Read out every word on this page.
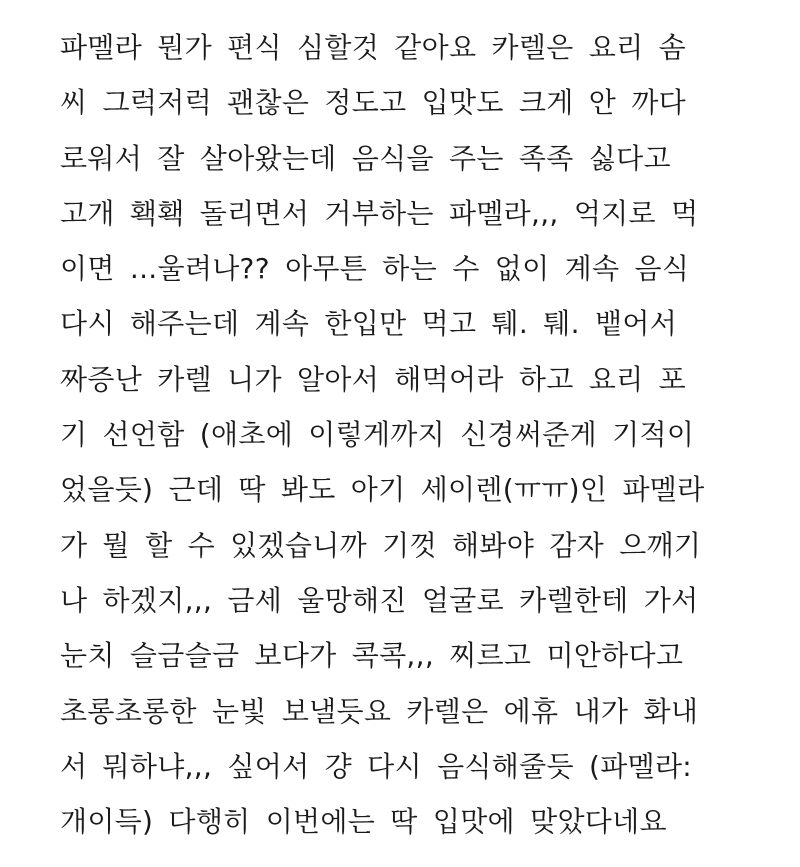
파멜라 뭔가 편식 심할것 같아요 카렐은 요리 솜
씨 그럭저럭 괜찮은 정도고 입맛도 크게 안 까다
로워서 잘 살아왔는데 음식을 주는 족족 싫다고
고개 홱홱 돌리면서 거부하는 파멜라,,, 억지로 먹
이면 ...울려나?? 아무튼 하는 수 없이 계속 음식
다시 해주는데 계속 한입만 먹고 퉤. 퉤. 뱉어서
짜증난 카렐 니가 알아서 해먹어라 하고 요리 포
기 선언함 (애초에 이렇게까지 신경써준게 기적이
었을듯) 근데 딱 봐도 아기 세이렌(ㅠㅠ)인 파멜라
가 뭘 할 수 있겠습니까 기껏 해봐야 감자 으깨기
나 하겠지,,, 금세 울망해진 얼굴로 카렐한테 가서
눈치 슬금슬금 보다가 콕콕,,, 찌르고 미안하다고
초롱초롱한 눈빛 보낼듯요 카렐은 에휴 내가 화내
서 뭐하냐,,, 싶어서 걍 다시 음식해줄듯 (파멜라:
개이득) 다행히 이번에는 딱 입맛에 맞았다네요
